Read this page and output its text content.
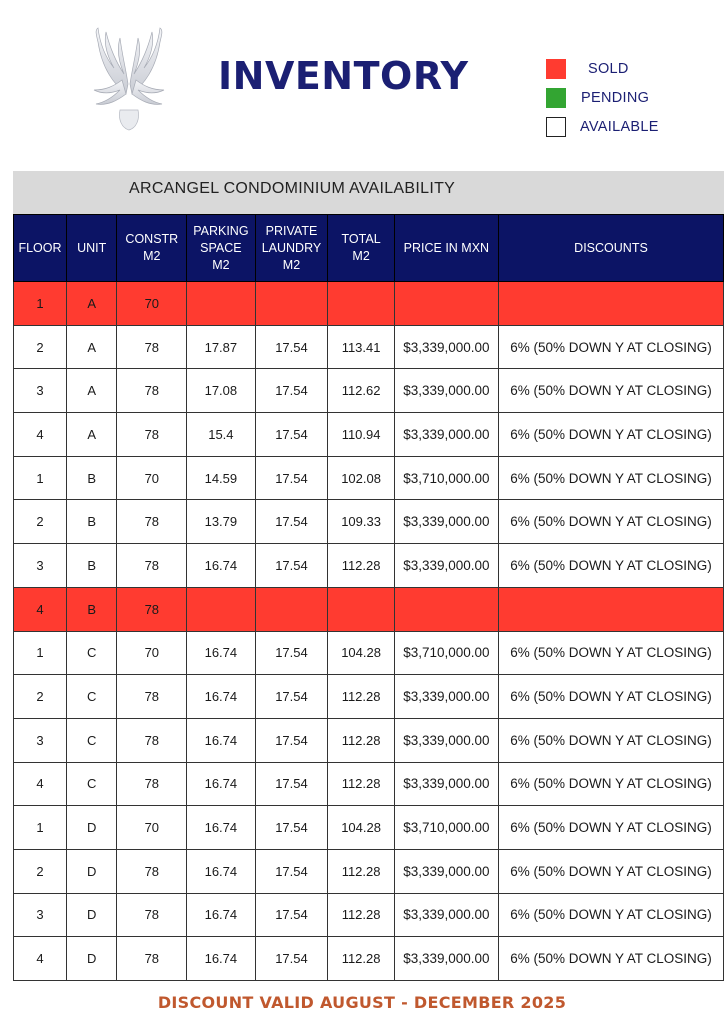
INVENTORY	SOLD
PENDING
AVAILABLE
ARCANGEL CONDOMINIUM AVAILABILITY
FLOOR	UNIT	CONSTR M2	PARKING SPACE M2	PRIVATE LAUNDRY M2	TOTAL M2	PRICE IN MXN	DISCOUNTS
1	A	70					
2	A	78	17.87	17.54	113.41	$3,339,000.00	6% (50% DOWN Y AT CLOSING)
3	A	78	17.08	17.54	112.62	$3,339,000.00	6% (50% DOWN Y AT CLOSING)
4	A	78	15.4	17.54	110.94	$3,339,000.00	6% (50% DOWN Y AT CLOSING)
1	B	70	14.59	17.54	102.08	$3,710,000.00	6% (50% DOWN Y AT CLOSING)
2	B	78	13.79	17.54	109.33	$3,339,000.00	6% (50% DOWN Y AT CLOSING)
3	B	78	16.74	17.54	112.28	$3,339,000.00	6% (50% DOWN Y AT CLOSING)
4	B	78					
1	C	70	16.74	17.54	104.28	$3,710,000.00	6% (50% DOWN Y AT CLOSING)
2	C	78	16.74	17.54	112.28	$3,339,000.00	6% (50% DOWN Y AT CLOSING)
3	C	78	16.74	17.54	112.28	$3,339,000.00	6% (50% DOWN Y AT CLOSING)
4	C	78	16.74	17.54	112.28	$3,339,000.00	6% (50% DOWN Y AT CLOSING)
1	D	70	16.74	17.54	104.28	$3,710,000.00	6% (50% DOWN Y AT CLOSING)
2	D	78	16.74	17.54	112.28	$3,339,000.00	6% (50% DOWN Y AT CLOSING)
3	D	78	16.74	17.54	112.28	$3,339,000.00	6% (50% DOWN Y AT CLOSING)
4	D	78	16.74	17.54	112.28	$3,339,000.00	6% (50% DOWN Y AT CLOSING)
DISCOUNT VALID AUGUST - DECEMBER 2025
